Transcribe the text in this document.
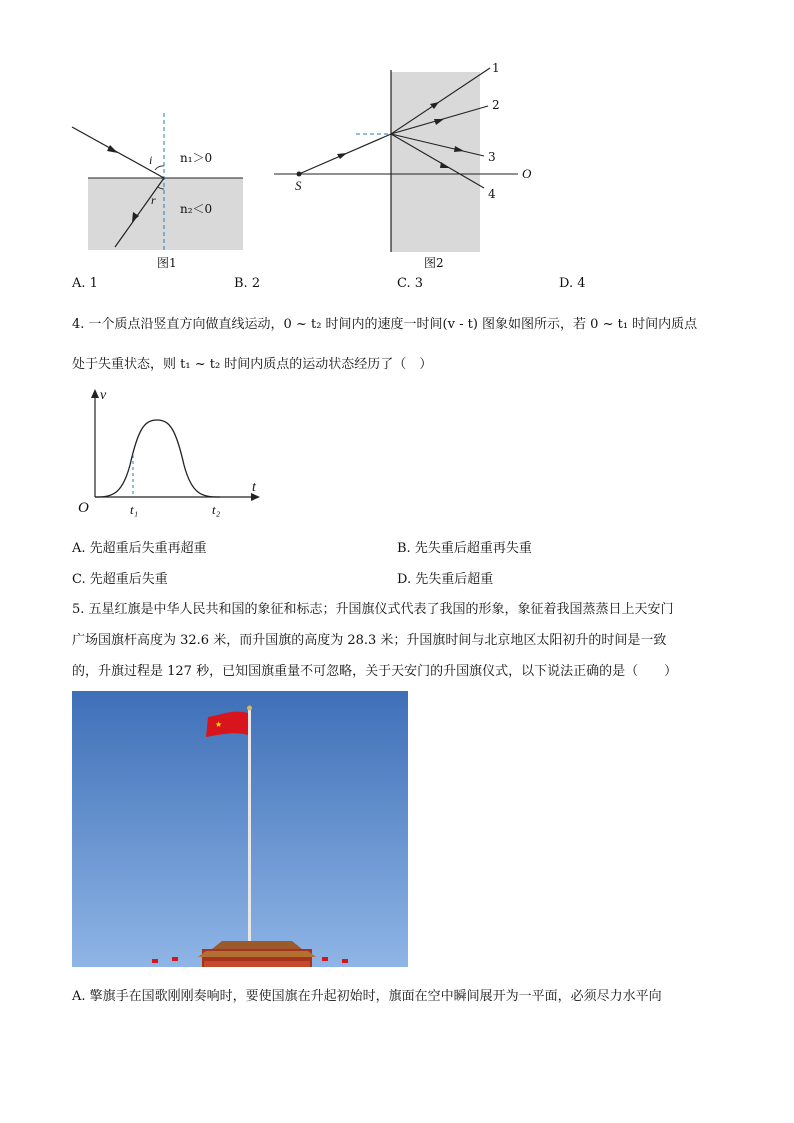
i
r
n₁＞0
n₂＜0
图1
1
2
3
4
O
S
图2
A. 1	B. 2	C. 3	D. 4
4. 一个质点沿竖直方向做直线运动，0 ~ t₂ 时间内的速度一时间(v - t) 图象如图所示，若 0 ~ t₁ 时间内质点
处于失重状态，则 t₁ ~ t₂ 时间内质点的运动状态经历了（　）
v
t
O	t₁	t₂
A. 先超重后失重再超重	B. 先失重后超重再失重
C. 先超重后失重	D. 先失重后超重
5. 五星红旗是中华人民共和国的象征和标志；升国旗仪式代表了我国的形象，象征着我国蒸蒸日上天安门
广场国旗杆高度为 32.6 米，而升国旗的高度为 28.3 米；升国旗时间与北京地区太阳初升的时间是一致
的，升旗过程是 127 秒，已知国旗重量不可忽略，关于天安门的升国旗仪式，以下说法正确的是（　　）
★
A. 擎旗手在国歌刚刚奏响时，要使国旗在升起初始时，旗面在空中瞬间展开为一平面，必须尽力水平向
